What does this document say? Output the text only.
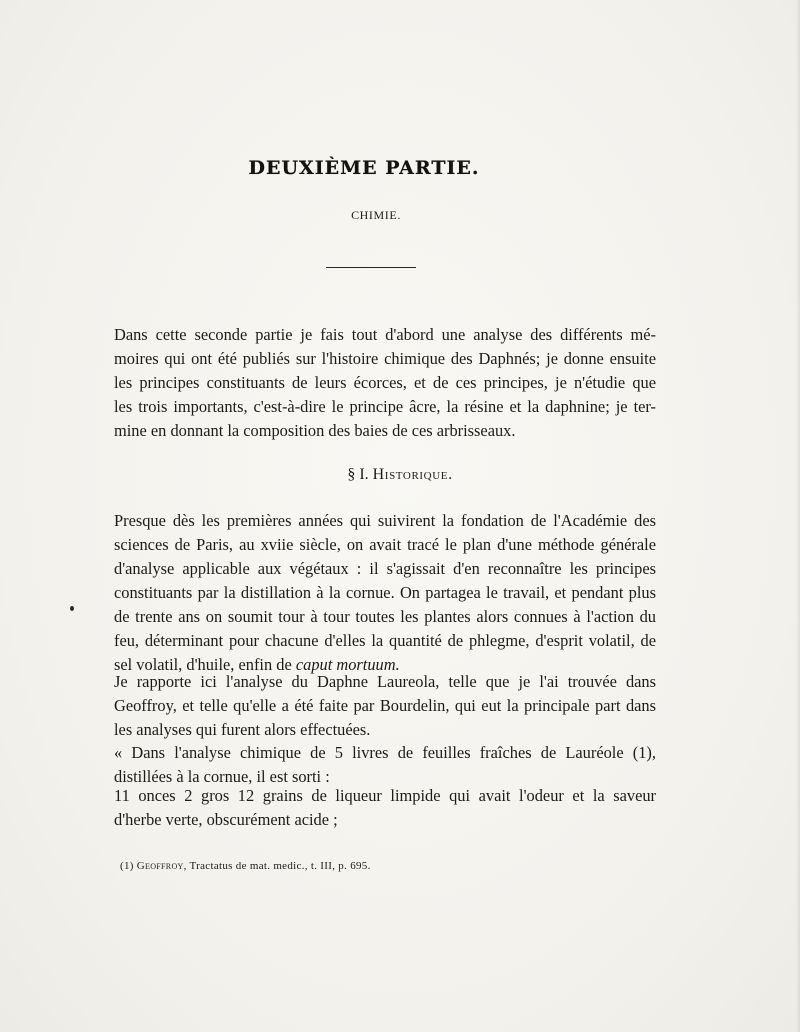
DEUXIÈME PARTIE.
CHIMIE.
Dans cette seconde partie je fais tout d'abord une analyse des différents mé-
moires qui ont été publiés sur l'histoire chimique des Daphnés; je donne ensuite
les principes constituants de leurs écorces, et de ces principes, je n'étudie que
les trois importants, c'est-à-dire le principe âcre, la résine et la daphnine; je ter-
mine en donnant la composition des baies de ces arbrisseaux.
§ I. Historique.
Presque dès les premières années qui suivirent la fondation de l'Académie des
sciences de Paris, au xviie siècle, on avait tracé le plan d'une méthode générale
d'analyse applicable aux végétaux : il s'agissait d'en reconnaître les principes
constituants par la distillation à la cornue. On partagea le travail, et pendant plus
de trente ans on soumit tour à tour toutes les plantes alors connues à l'action du
feu, déterminant pour chacune d'elles la quantité de phlegme, d'esprit volatil, de
sel volatil, d'huile, enfin de caput mortuum.
Je rapporte ici l'analyse du Daphne Laureola, telle que je l'ai trouvée dans
Geoffroy, et telle qu'elle a été faite par Bourdelin, qui eut la principale part dans
les analyses qui furent alors effectuées.
« Dans l'analyse chimique de 5 livres de feuilles fraîches de Lauréole (1),
distillées à la cornue, il est sorti :
11 onces 2 gros 12 grains de liqueur limpide qui avait l'odeur et la saveur
d'herbe verte, obscurément acide ;
(1) Geoffroy, Tractatus de mat. medic., t. III, p. 695.
